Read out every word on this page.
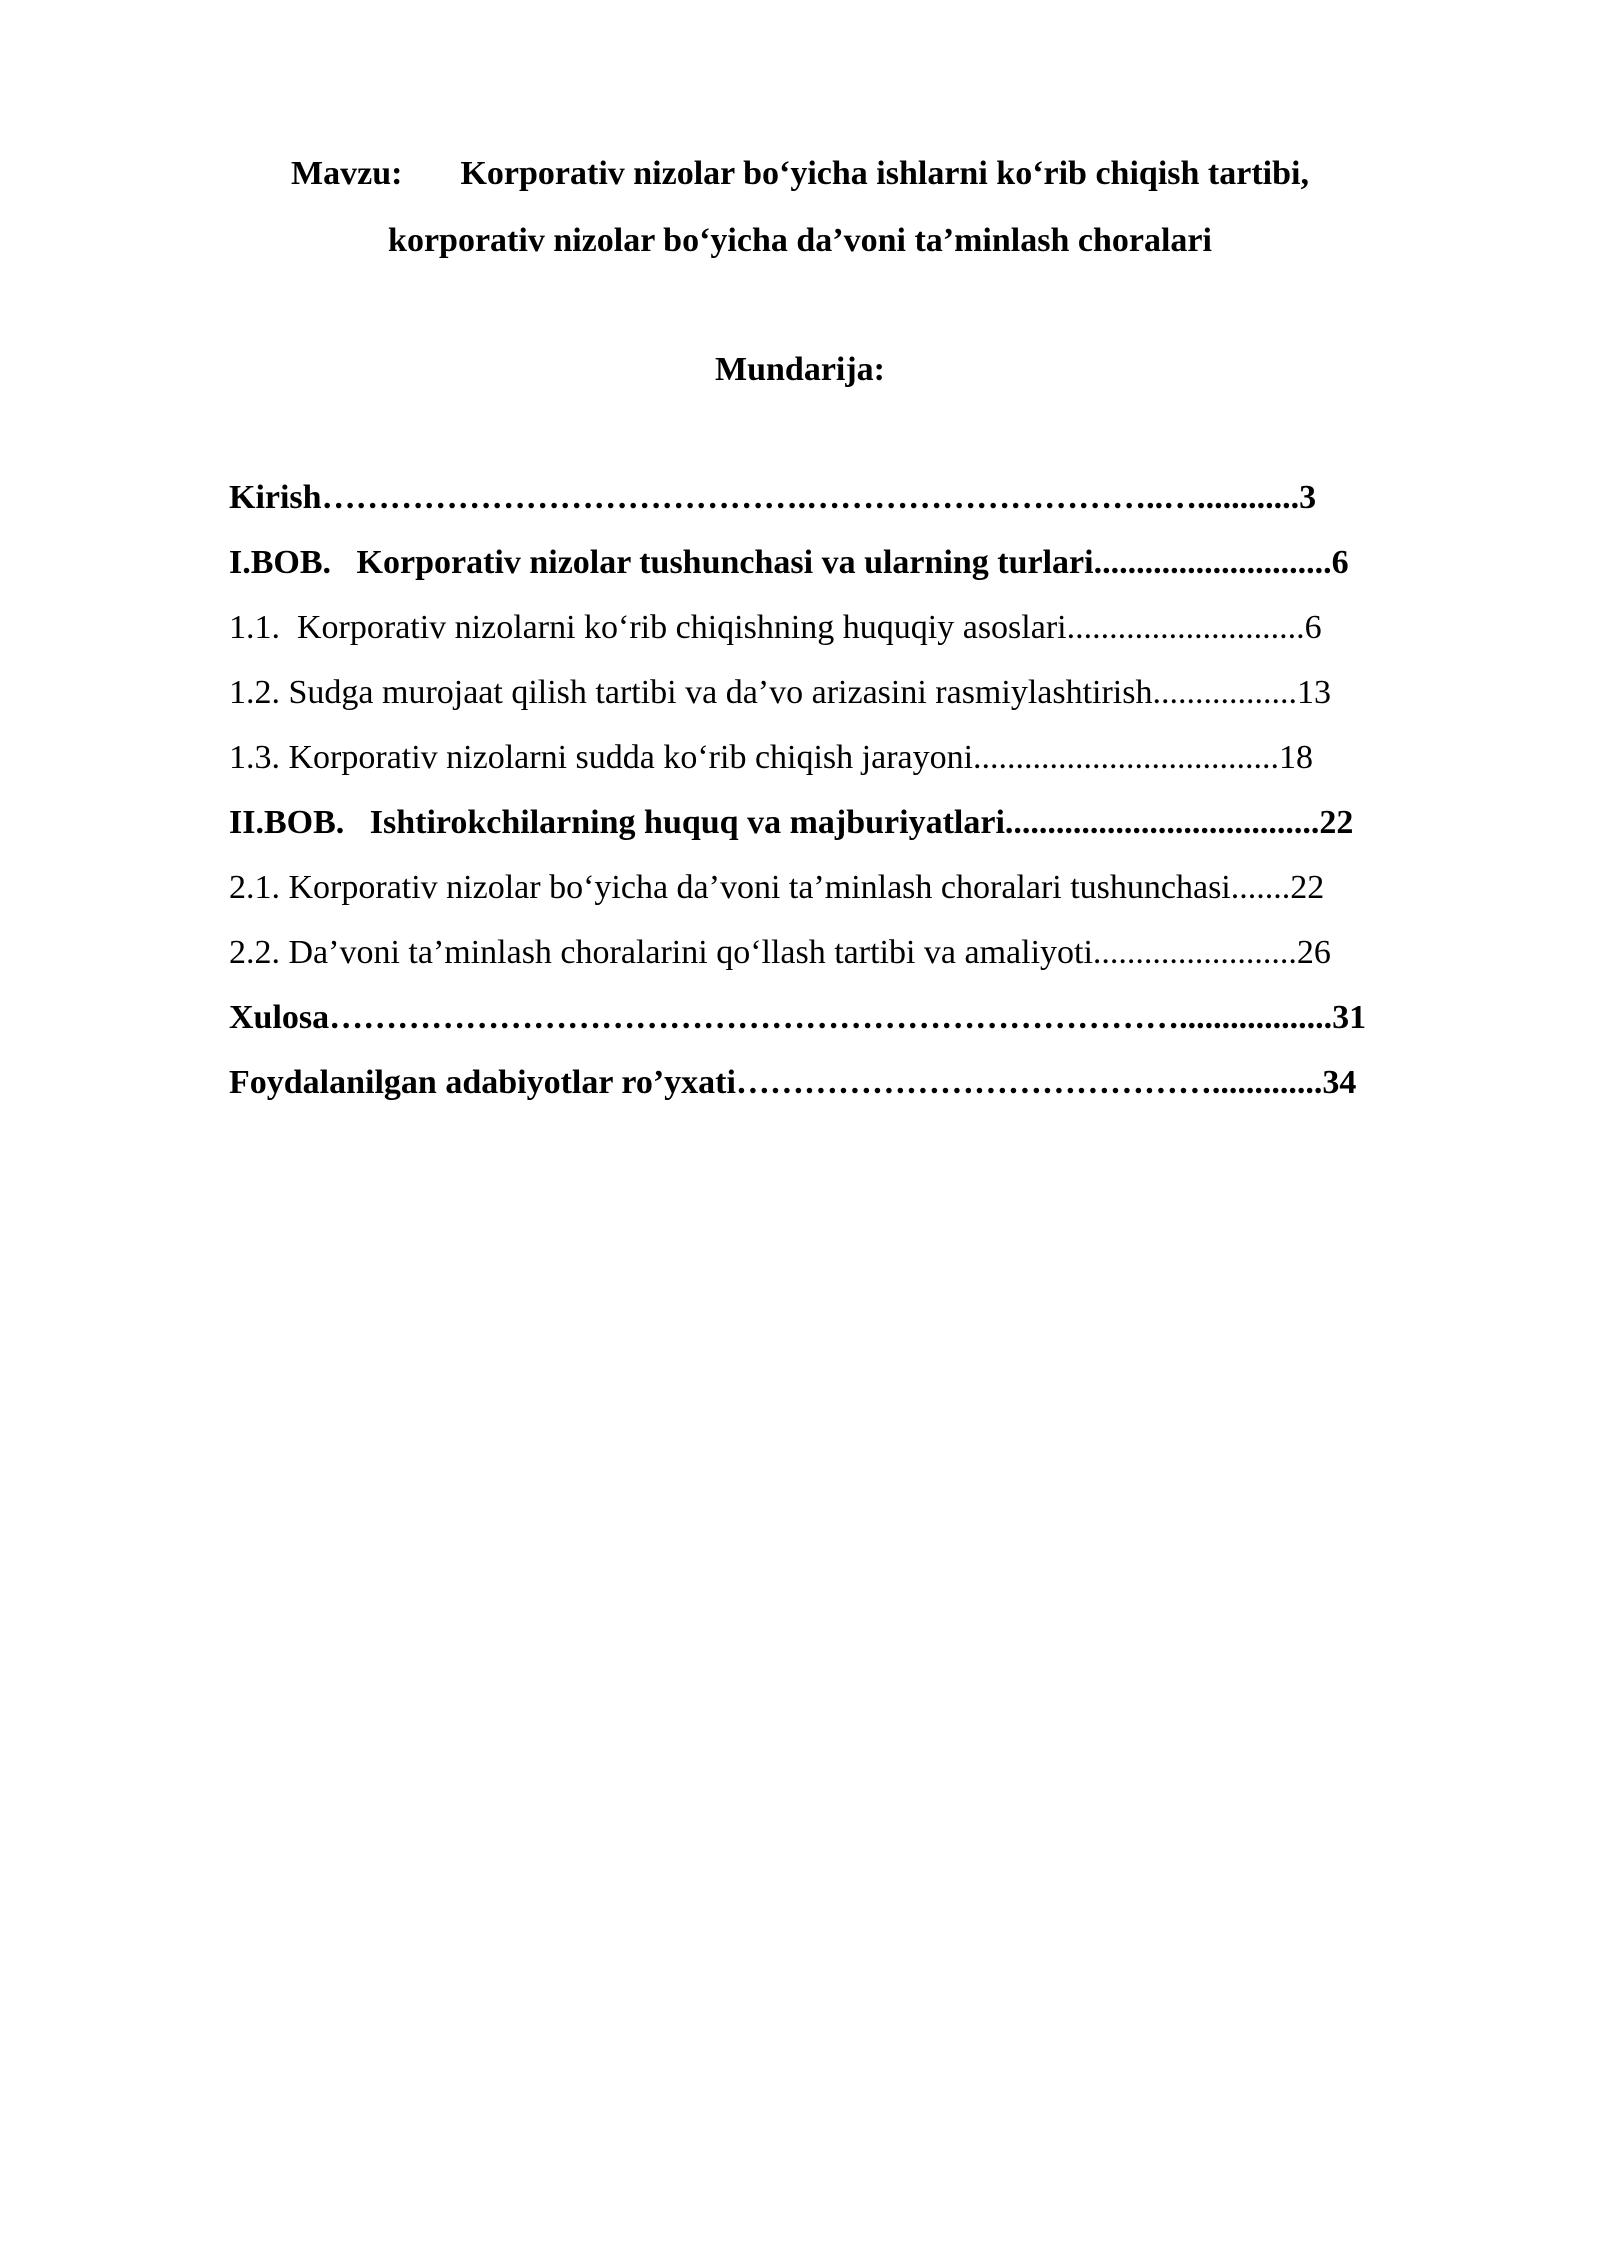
Mavzu: Korporativ nizolar bo‘yicha ishlarni ko‘rib chiqish tartibi,
korporativ nizolar bo‘yicha da’voni ta’minlash choralari
Mundarija:
Kirish…………………………………….…………………………..…............3
I.BOB.   Korporativ nizolar tushunchasi va ularning turlari............................6
1.1.  Korporativ nizolarni ko‘rib chiqishning huquqiy asoslari............................6
1.2. Sudga murojaat qilish tartibi va da’vo arizasini rasmiylashtirish.................13
1.3. Korporativ nizolarni sudda ko‘rib chiqish jarayoni....................................18
II.BOB.   Ishtirokchilarning huquq va majburiyatlari.....................................22
2.1. Korporativ nizolar bo‘yicha da’voni ta’minlash choralari tushunchasi.......22
2.2. Da’voni ta’minlash choralarini qo‘llash tartibi va amaliyoti........................26
Xulosa…………………………………………………………………..................31
Foydalanilgan adabiyotlar ro’yxati…………………………………….............34
